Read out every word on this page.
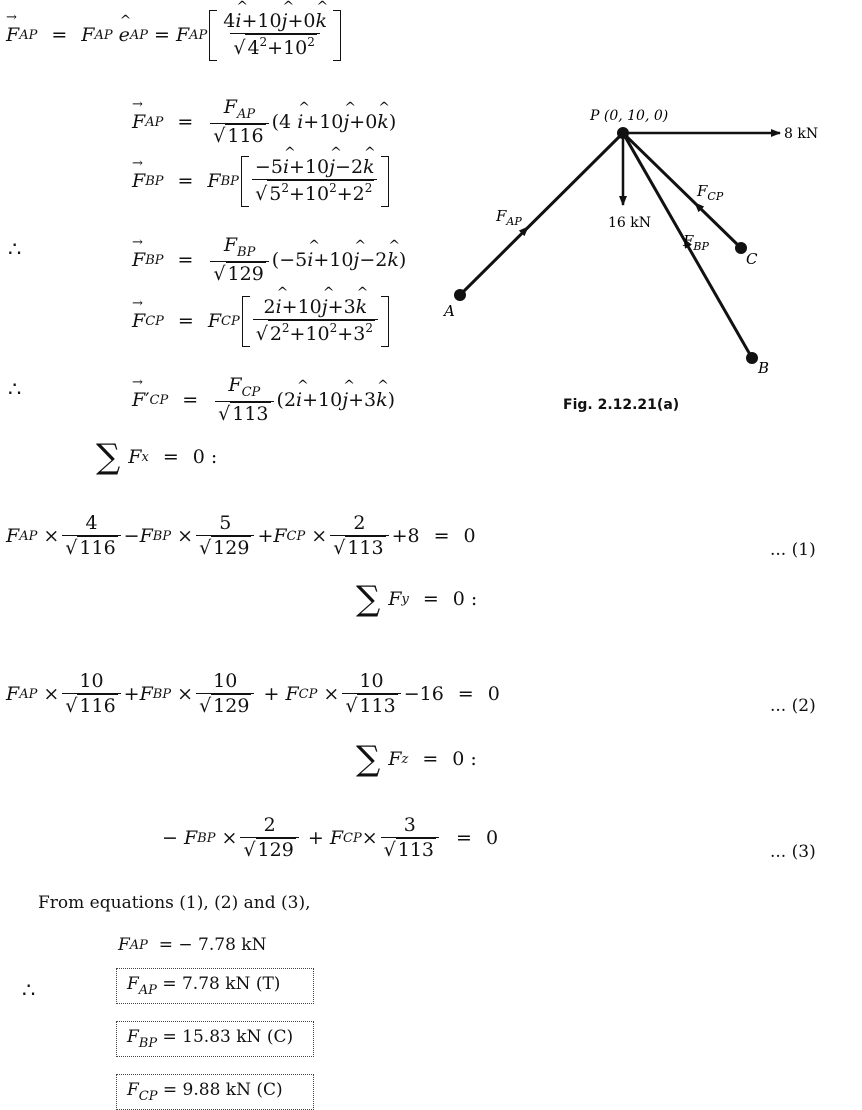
→ F AP = F AP
^ e AP = F AP $\frac{4\^{} i+10\^{} j+0\^{} k}{√ 4^2+10^2}$
→ F AP = $\frac{F_{AP}}{√ 116}$ ( 4
^ i + 10 ^ j + 0 ^ k )
→ F BP = F BP $\frac{-5\^{} i+10\^{} j-2\^{} k}{√ 5^2+10^2+2^2}$
∴	→ F BP = $\frac{F_{BP}}{√ 129}$ ( − 5 ^ i + 10 ^ j − 2 ^ k )
→ F CP = F CP $\frac{2\^{} i+10\^{} j+3\^{} k}{√ 2^2+10^2+3^2}$
∴	→ F ′ CP = $\frac{F_{CP}}{√ 113}$ ( 2 ^ i + 10 ^ j + 3 ^ k )
∑ F x = 0
:
F AP
× $\frac{4}{√ 116} - F$ BP
× $\frac{5}{√ 129} + F$ CP
× $\frac{2}{√ 113} + 8 = 0$
... (1)
∑ F y = 0
:
F AP
× $\frac{10}{√ 116} + F$ BP
× $\frac{10}{√ 129}$
+
F CP
× $\frac{10}{√ 113} - 16 = 0$
... (2)
∑ F z = 0
:
−
F BP
× $\frac{2}{√ 129}$
+
F CP × $\frac{3}{√ 113} = 0$
... (3)
From equations (1), (2) and (3),
F AP
= − 7.78 kN
∴	$F_{AP} = 7.78$ kN (T)
$F_{BP} = 15.83$ kN (C)
$F_{CP} = 9.88$ kN (C)
P (0, 10, 0)
8 kN
16 kN
A
B
C
$F_{AP}$
$F_{BP}$
$F_{CP}$
Fig. 2.12.21(a)
